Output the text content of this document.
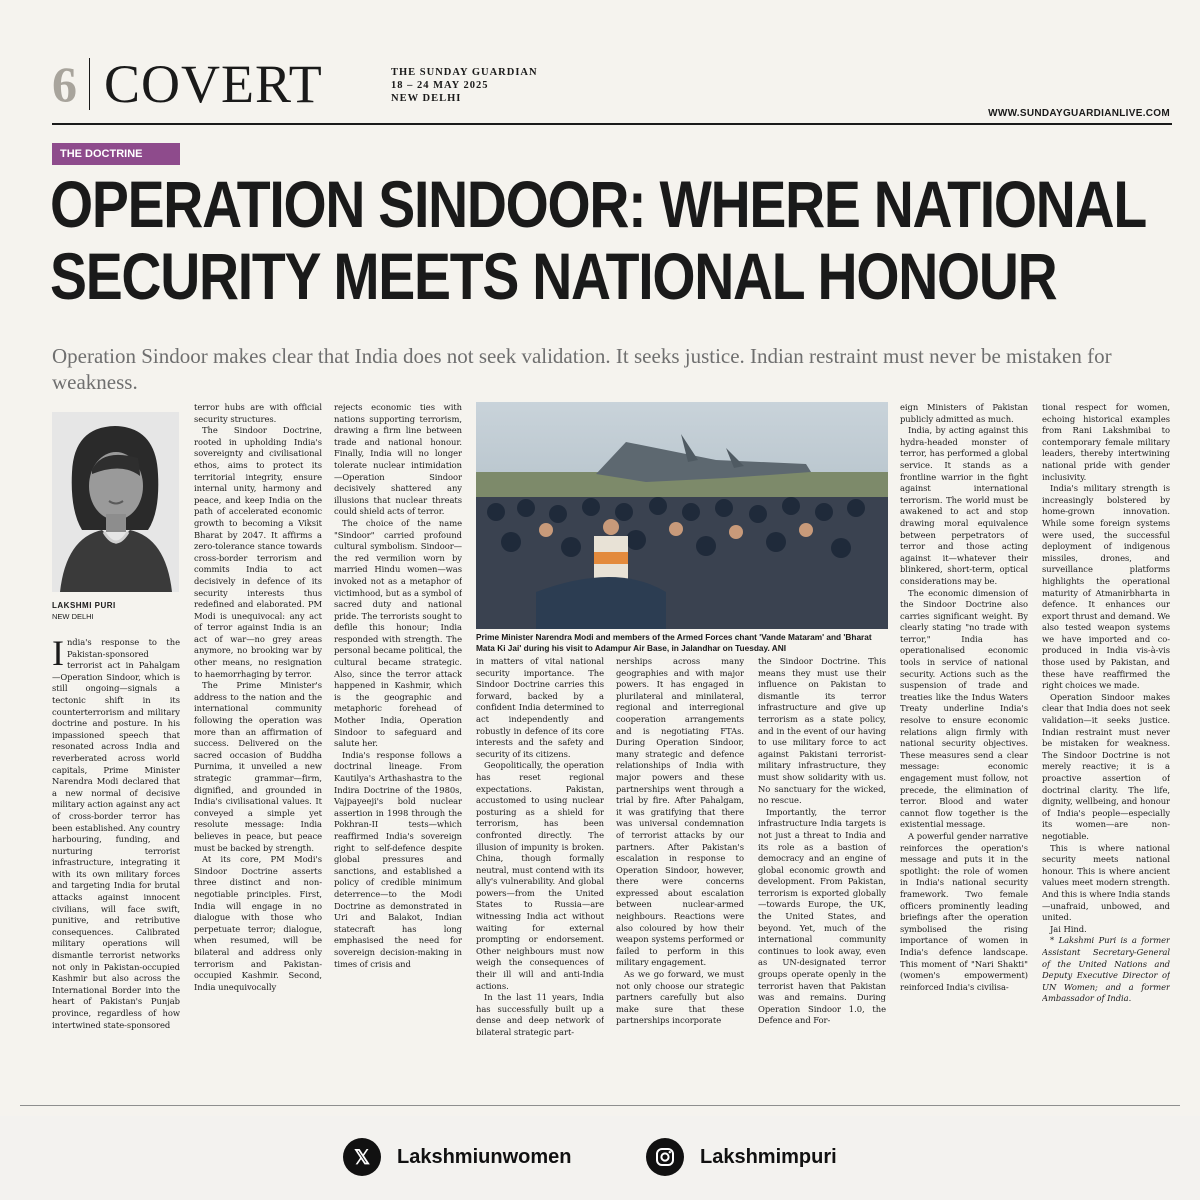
6 COVERT	THE SUNDAY GUARDIAN
18 – 24 MAY 2025
NEW DELHI
WWW.SUNDAYGUARDIANLIVE.COM
THE DOCTRINE
OPERATION SINDOOR: WHERE NATIONAL
SECURITY MEETS NATIONAL HONOUR

Operation Sindoor makes clear that India does not seek validation. It seeks justice. Indian restraint must never be mistaken for weakness.

LAKSHMI PURI
NEW DELHI

India's response to the Pakistan-sponsored terrorist act in Pahalgam—Operation Sindoor, which is still ongoing—signals a tectonic shift in its counterterrorism and military doctrine and posture. In his impassioned speech that resonated across India and reverberated across world capitals, Prime Minister Narendra Modi declared that a new normal of decisive military action against any act of cross-border terror has been established. Any country harbouring, funding, and nurturing terrorist infrastructure, integrating it with its own military forces and targeting India for brutal attacks against innocent civilians, will face swift, punitive, and retributive consequences. Calibrated military operations will dismantle terrorist networks not only in Pakistan-occupied Kashmir but also across the International Border into the heart of Pakistan's Punjab province, regardless of how intertwined state-sponsored

terror hubs are with official security structures.

The Sindoor Doctrine, rooted in upholding India's sovereignty and civilisational ethos, aims to protect its territorial integrity, ensure internal unity, harmony and peace, and keep India on the path of accelerated economic growth to becoming a Viksit Bharat by 2047. It affirms a zero-tolerance stance towards cross-border terrorism and commits India to act decisively in defence of its security interests thus redefined and elaborated. PM Modi is unequivocal: any act of terror against India is an act of war—no grey areas anymore, no brooking war by other means, no resignation to haemorrhaging by terror.

The Prime Minister's address to the nation and the international community following the operation was more than an affirmation of success. Delivered on the sacred occasion of Buddha Purnima, it unveiled a new strategic grammar—firm, dignified, and grounded in India's civilisational values. It conveyed a simple yet resolute message: India believes in peace, but peace must be backed by strength.

At its core, PM Modi's Sindoor Doctrine asserts three distinct and non-negotiable principles. First, India will engage in no dialogue with those who perpetuate terror; dialogue, when resumed, will be bilateral and address only terrorism and Pakistan-occupied Kashmir. Second, India unequivocally

rejects economic ties with nations supporting terrorism, drawing a firm line between trade and national honour. Finally, India will no longer tolerate nuclear intimidation—Operation Sindoor decisively shattered any illusions that nuclear threats could shield acts of terror.

The choice of the name "Sindoor" carried profound cultural symbolism. Sindoor—the red vermilion worn by married Hindu women—was invoked not as a metaphor of victimhood, but as a symbol of sacred duty and national pride. The terrorists sought to defile this honour; India responded with strength. The personal became political, the cultural became strategic. Also, since the terror attack happened in Kashmir, which is the geographic and metaphoric forehead of Mother India, Operation Sindoor to safeguard and salute her.

India's response follows a doctrinal lineage. From Kautilya's Arthashastra to the Indira Doctrine of the 1980s, Vajpayeeji's bold nuclear assertion in 1998 through the Pokhran-II tests—which reaffirmed India's sovereign right to self-defence despite global pressures and sanctions, and established a policy of credible minimum deterrence—to the Modi Doctrine as demonstrated in Uri and Balakot, Indian statecraft has long emphasised the need for sovereign decision-making in times of crisis and

Prime Minister Narendra Modi and members of the Armed Forces chant 'Vande Mataram' and 'Bharat Mata Ki Jai' during his visit to Adampur Air Base, in Jalandhar on Tuesday. ANI

in matters of vital national security importance. The Sindoor Doctrine carries this forward, backed by a confident India determined to act independently and robustly in defence of its core interests and the safety and security of its citizens.

Geopolitically, the operation has reset regional expectations. Pakistan, accustomed to using nuclear posturing as a shield for terrorism, has been confronted directly. The illusion of impunity is broken. China, though formally neutral, must contend with its ally's vulnerability. And global powers—from the United States to Russia—are witnessing India act without waiting for external prompting or endorsement. Other neighbours must now weigh the consequences of their ill will and anti-India actions.

In the last 11 years, India has successfully built up a dense and deep network of bilateral strategic part-

nerships across many geographies and with major powers. It has engaged in plurilateral and minilateral, regional and interregional cooperation arrangements and is negotiating FTAs. During Operation Sindoor, many strategic and defence relationships of India with major powers and these partnerships went through a trial by fire. After Pahalgam, it was gratifying that there was universal condemnation of terrorist attacks by our partners. After Pakistan's escalation in response to Operation Sindoor, however, there were concerns expressed about escalation between nuclear-armed neighbours. Reactions were also coloured by how their weapon systems performed or failed to perform in this military engagement.

As we go forward, we must not only choose our strategic partners carefully but also make sure that these partnerships incorporate

the Sindoor Doctrine. This means they must use their influence on Pakistan to dismantle its terror infrastructure and give up terrorism as a state policy, and in the event of our having to use military force to act against Pakistani terrorist-military infrastructure, they must show solidarity with us. No sanctuary for the wicked, no rescue.

Importantly, the terror infrastructure India targets is not just a threat to India and its role as a bastion of democracy and an engine of global economic growth and development. From Pakistan, terrorism is exported globally—towards Europe, the UK, the United States, and beyond. Yet, much of the international community continues to look away, even as UN-designated terror groups operate openly in the terrorist haven that Pakistan was and remains. During Operation Sindoor 1.0, the Defence and For-

eign Ministers of Pakistan publicly admitted as much.

India, by acting against this hydra-headed monster of terror, has performed a global service. It stands as a frontline warrior in the fight against international terrorism. The world must be awakened to act and stop drawing moral equivalence between perpetrators of terror and those acting against it—whatever their blinkered, short-term, optical considerations may be.

The economic dimension of the Sindoor Doctrine also carries significant weight. By clearly stating "no trade with terror," India has operationalised economic tools in service of national security. Actions such as the suspension of trade and treaties like the Indus Waters Treaty underline India's resolve to ensure economic relations align firmly with national security objectives. These measures send a clear message: economic engagement must follow, not precede, the elimination of terror. Blood and water cannot flow together is the existential message.

A powerful gender narrative reinforces the operation's message and puts it in the spotlight: the role of women in India's national security framework. Two female officers prominently leading briefings after the operation symbolised the rising importance of women in India's defence landscape. This moment of "Nari Shakti" (women's empowerment) reinforced India's civilisa-

tional respect for women, echoing historical examples from Rani Lakshmibai to contemporary female military leaders, thereby intertwining national pride with gender inclusivity.

India's military strength is increasingly bolstered by home-grown innovation. While some foreign systems were used, the successful deployment of indigenous missiles, drones, and surveillance platforms highlights the operational maturity of Atmanirbharta in defence. It enhances our export thrust and demand. We also tested weapon systems we have imported and co-produced in India vis-à-vis those used by Pakistan, and these have reaffirmed the right choices we made.

Operation Sindoor makes clear that India does not seek validation—it seeks justice. Indian restraint must never be mistaken for weakness. The Sindoor Doctrine is not merely reactive; it is a proactive assertion of doctrinal clarity. The life, dignity, wellbeing, and honour of India's people—especially its women—are non-negotiable.

This is where national security meets national honour. This is where ancient values meet modern strength. And this is where India stands—unafraid, unbowed, and united.

Jai Hind.

* Lakshmi Puri is a former Assistant Secretary-General of the United Nations and Deputy Executive Director of UN Women; and a former Ambassador of India.

𝕏	Lakshmiunwomen	Lakshmimpuri
